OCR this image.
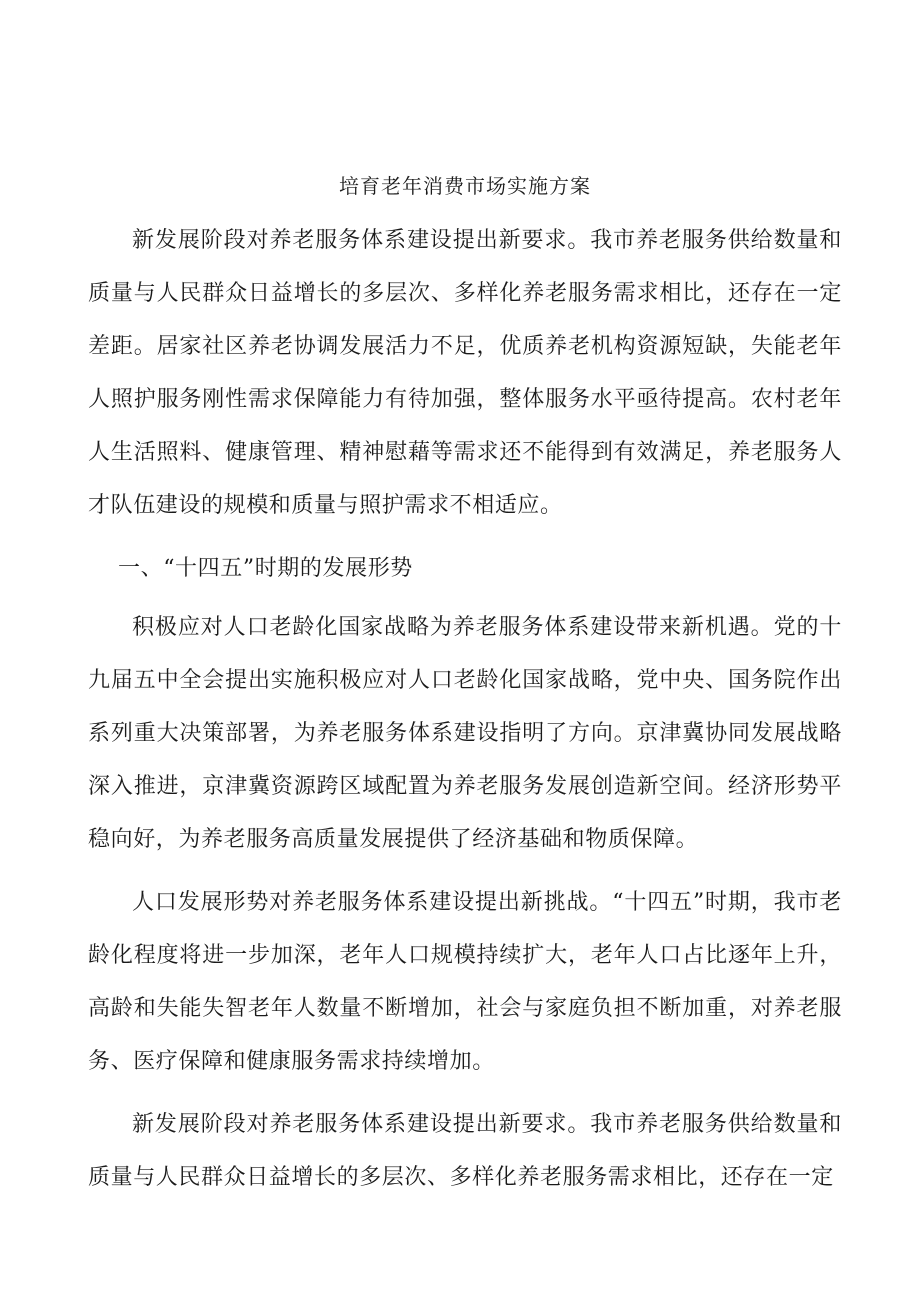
培育老年消费市场实施方案

新发展阶段对养老服务体系建设提出新要求。我市养老服务供给数量和质量与人民群众日益增长的多层次、多样化养老服务需求相比，还存在一定差距。居家社区养老协调发展活力不足，优质养老机构资源短缺，失能老年人照护服务刚性需求保障能力有待加强，整体服务水平亟待提高。农村老年人生活照料、健康管理、精神慰藉等需求还不能得到有效满足，养老服务人才队伍建设的规模和质量与照护需求不相适应。

一、“十四五”时期的发展形势

积极应对人口老龄化国家战略为养老服务体系建设带来新机遇。党的十九届五中全会提出实施积极应对人口老龄化国家战略，党中央、国务院作出系列重大决策部署，为养老服务体系建设指明了方向。京津冀协同发展战略深入推进，京津冀资源跨区域配置为养老服务发展创造新空间。经济形势平稳向好，为养老服务高质量发展提供了经济基础和物质保障。

人口发展形势对养老服务体系建设提出新挑战。“十四五”时期，我市老龄化程度将进一步加深，老年人口规模持续扩大，老年人口占比逐年上升，高龄和失能失智老年人数量不断增加，社会与家庭负担不断加重，对养老服务、医疗保障和健康服务需求持续增加。

新发展阶段对养老服务体系建设提出新要求。我市养老服务供给数量和质量与人民群众日益增长的多层次、多样化养老服务需求相比，还存在一定
